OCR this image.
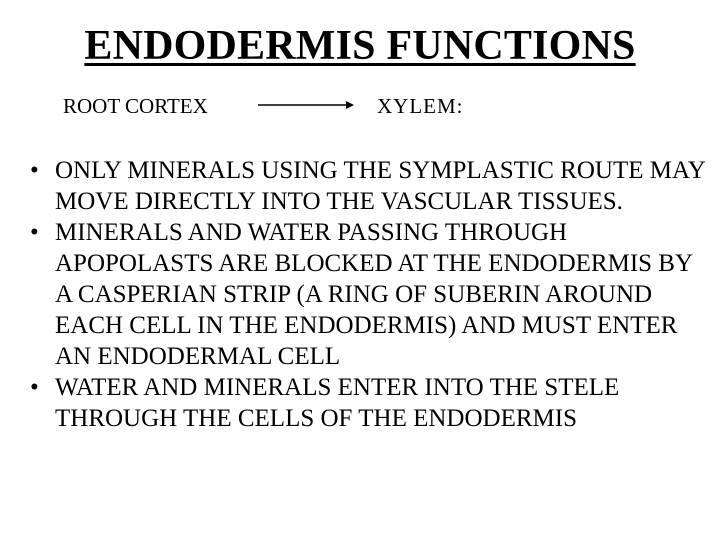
ENDODERMIS FUNCTIONS
ROOT CORTEX	XYLEM:
• ONLY MINERALS USING THE SYMPLASTIC ROUTE MAY MOVE DIRECTLY INTO THE VASCULAR TISSUES.
• MINERALS AND WATER PASSING THROUGH APOPOLASTS ARE BLOCKED AT THE ENDODERMIS BY A CASPERIAN STRIP (A RING OF SUBERIN AROUND EACH CELL IN THE ENDODERMIS) AND MUST ENTER AN ENDODERMAL CELL
• WATER AND MINERALS ENTER INTO THE STELE THROUGH THE CELLS OF THE ENDODERMIS
